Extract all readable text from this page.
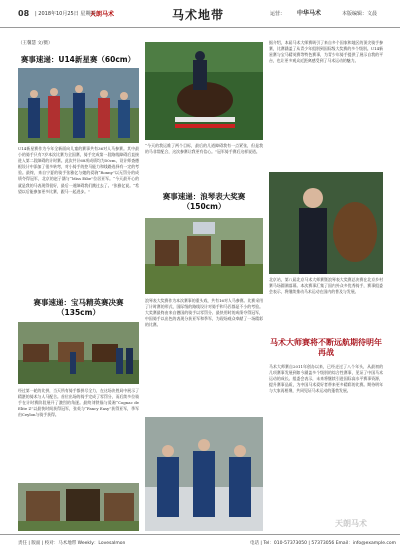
08 | 2018年10月25日 星期四
天朗马术	马术地带	运营： 中华马术	本版编辑：文晨
（王馨慧 文/摄）
赛事速递：U14新星赛（60cm）
U14新星赛作为今年全新面向儿童的赛事共有36对人马参赛。其中最小的骑手只有7岁本次比赛为全国赛，骑手完成第一段路线障碍后直接进入第二段障碍的计时赛。此次共计68项成绩均为50cm，设计师查德根设计中添加了很多转弯，对小骑手的控马能力和线路选择有一定的考验。最终，来自宁夏的骑手张雅亿与她的爱驹“Ronny”以无罚分的成绩夺得冠军，北京的赵子涵与“Miss Eibe”位居亚军。“今天最开心的就是我的马表现得很好，最后一道障碍我们跳过去了。”张雅亿说。“希望以后能参加更多比赛，跟马一起进步。”
赛事速递：宝马精英赛决赛（135cm）
经过第一轮的比拼，当天所有骑手都拼尽全力，在这场决胜局中展示了精湛的骑术与人马配合。首位出场的骑手完成了零罚分，而后续多位骑手在计时赛阶段展开了激烈的角逐。最终刘铁锚与爱驹“Cognac de Elite Z”以最快时间获得冠军，张英与“Fancy Easy”获得亚军，季军由Ceylon与骑手获得。
“今天的我运维了两个目标，最后的几道障碍我有一点紧张，但是我的马非常配合，这次参赛让我更有信心。”冠军骑手赛后这样说道。
赛事速递：浪琴表大奖赛（150cm）
浪琴表大奖赛作为本次赛事的重头戏，共有16对人马参赛。比赛采用了计时赛的形式，国际级的路线设计对骑手和马匹都是不小的考验。大奖赛最终由来自德国的骑手以零罚分、最快用时的成绩夺得冠军，中国骑手以出色的表现分获亚军和季军，为现场观众奉献了一场精彩的比赛。
据介绍，本届马术大师赛吸引了来自多个国家和地区的顶尖骑手参赛，比赛涵盖了从青少年组别到国际级大奖赛的多个级别。U14新星赛与宝马精英赛等特色赛事，为青少年骑手提供了展示自我的平台，也让更多观众近距离感受到了马术运动的魅力。
北京站，第八届北京马术大师赛暨浪琴表大奖赛总决赛在北京乡村赛马场圆满落幕。本次赛事汇集了国内外众多优秀骑手，赛事组委会表示，将继续推动马术运动在国内的普及与发展。
马术大师赛将不断远航期待明年再战
马术大师赛自2011年创办以来，已经走过了八个年头，从最初的几项赛事发展到如今涵盖多个级别的综合性赛事，见证了中国马术运动的成长。组委会表示，未来将继续引进国际高水平赛事资源，提升赛事品质，为中国马术爱好者带来更多精彩的比赛。期待明年与大家再相聚，共同见证马术运动的蓬勃发展。
责任 | 版面 | 校对：马术地带 Weekly：Lovesalmon	电话 | Tel：010-57373050 | 57373056 Email：info@example.com
天朗马术
